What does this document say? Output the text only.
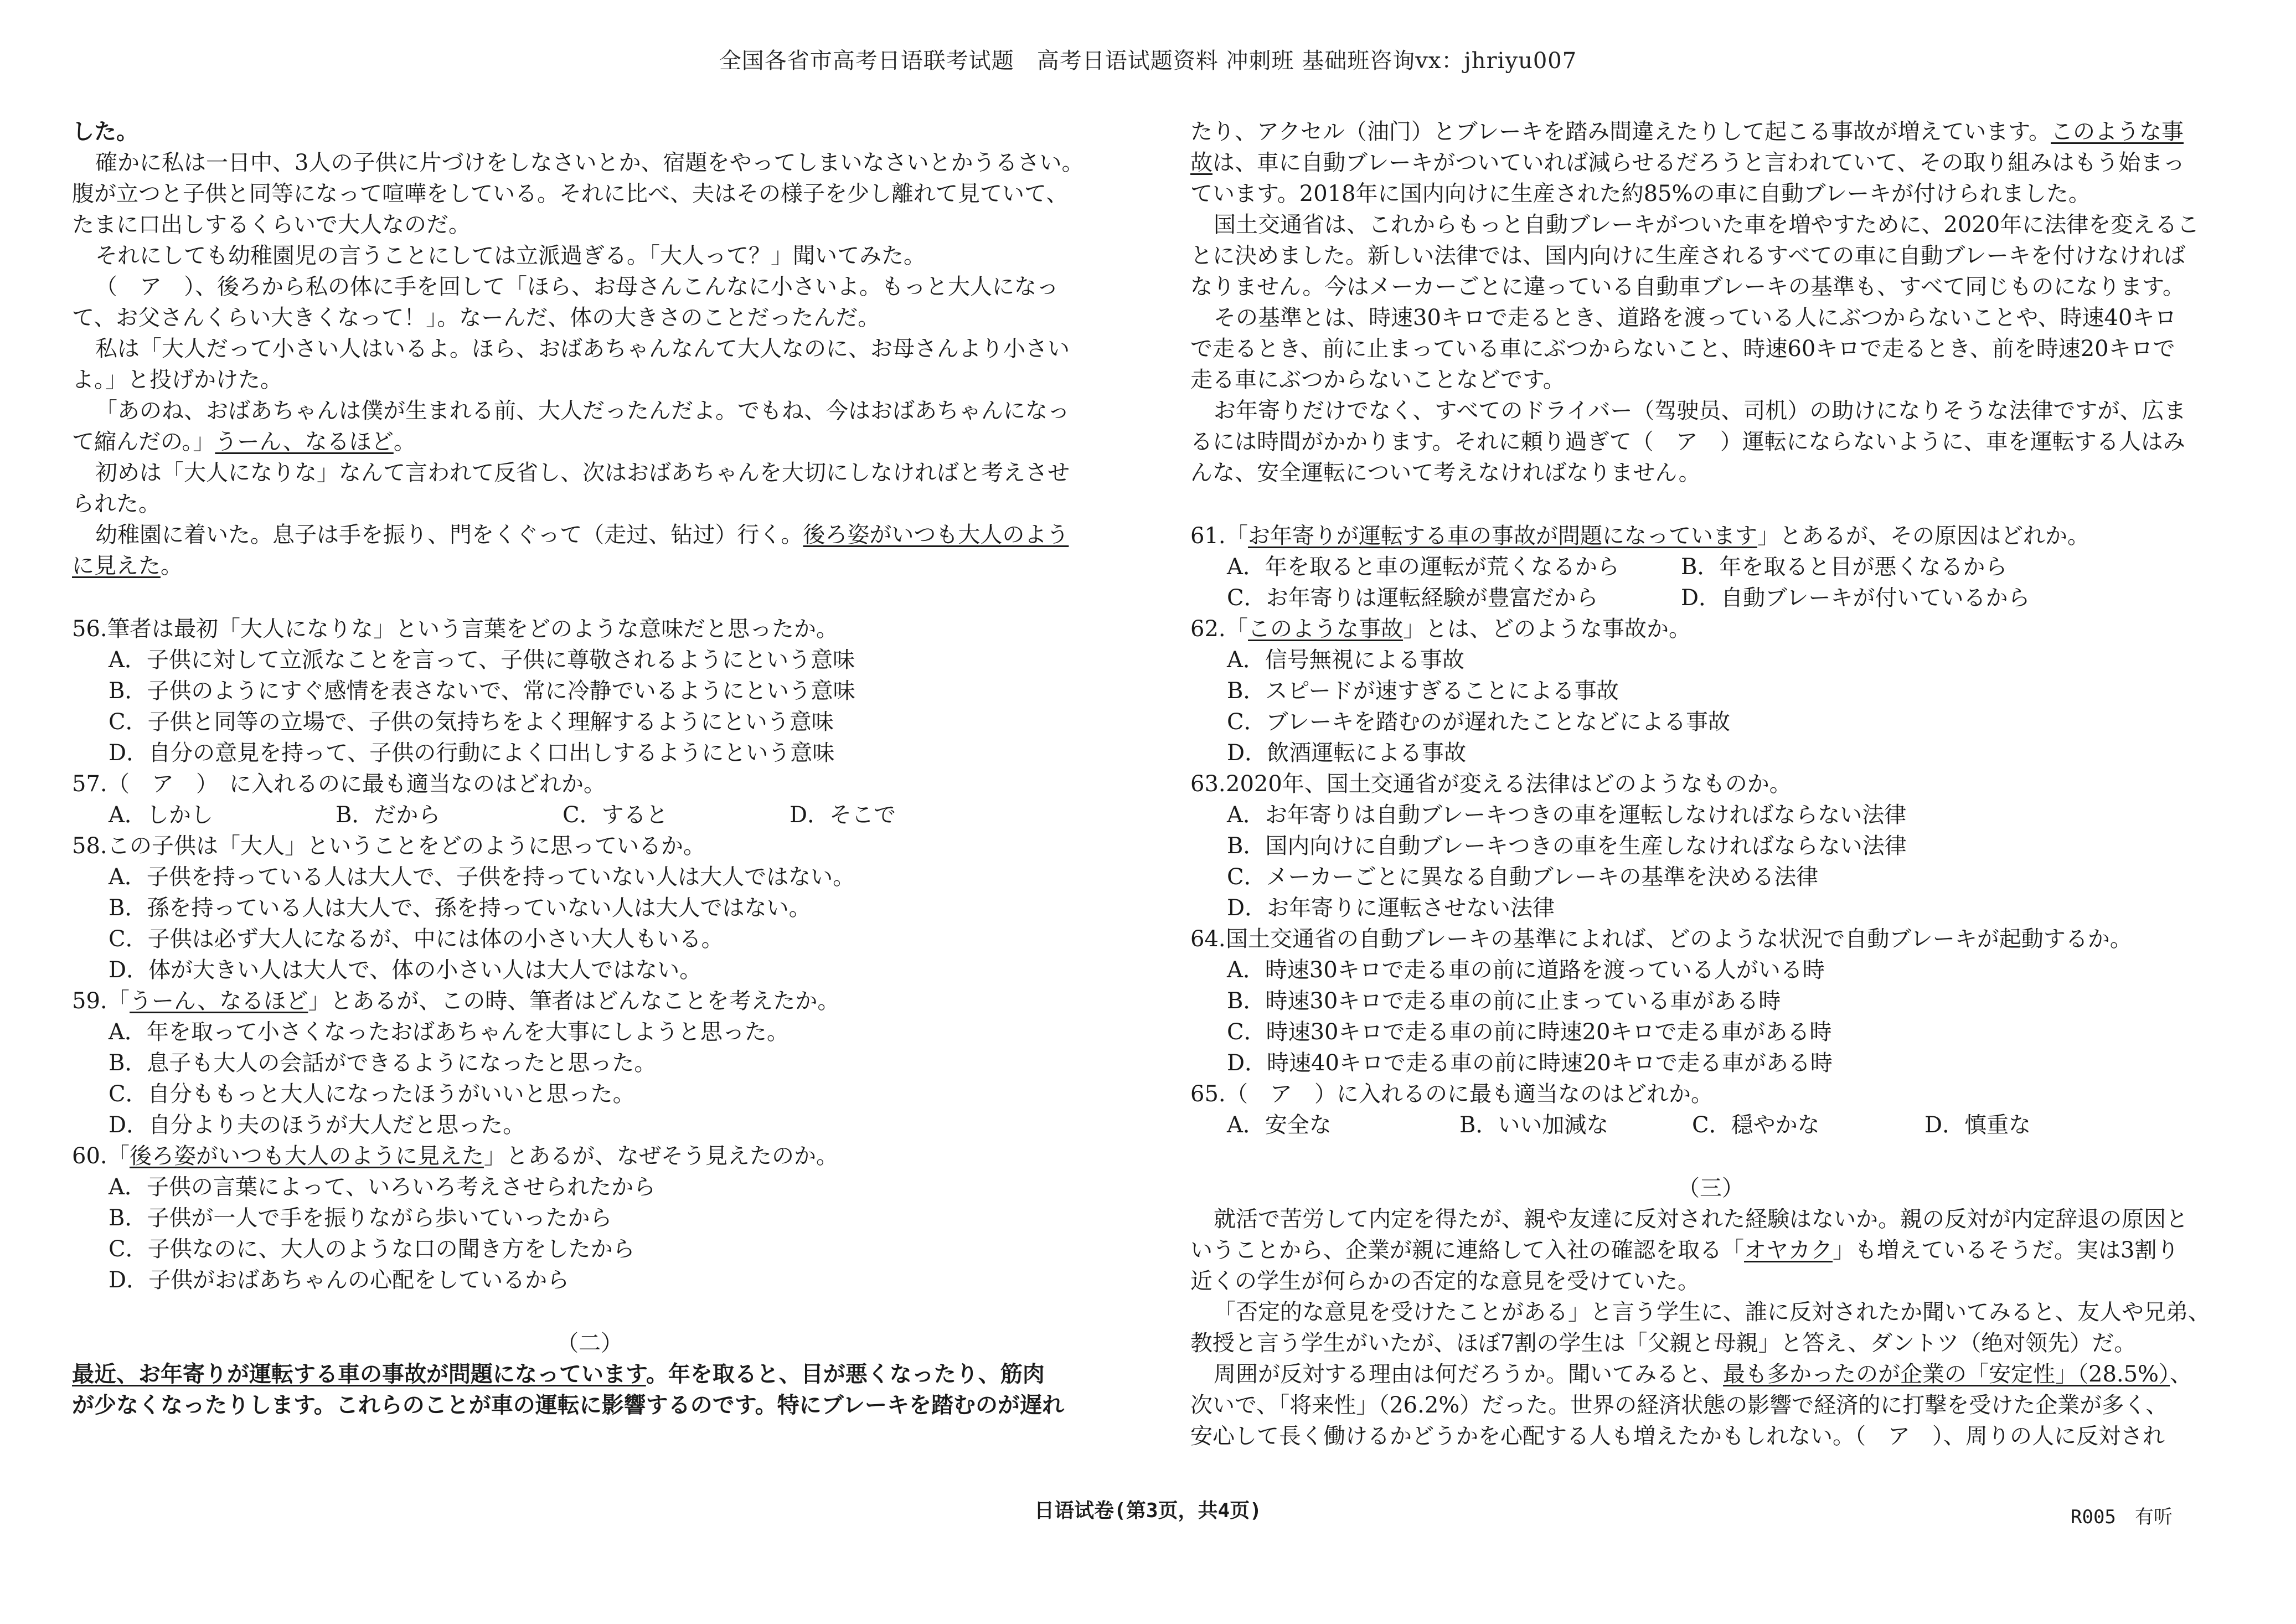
全国各省市高考日语联考试题　高考日语试题资料 冲刺班 基础班咨询vx：jhriyu007

した。

確かに私は一日中、3人の子供に片づけをしなさいとか、宿題をやってしまいなさいとかうるさい。

腹が立つと子供と同等になって喧嘩をしている。それに比べ、夫はその様子を少し離れて見ていて、

たまに口出しするくらいで大人なのだ。

それにしても幼稚園児の言うことにしては立派過ぎる。「大人って？」聞いてみた。

（　ア　）、後ろから私の体に手を回して「ほら、お母さんこんなに小さいよ。もっと大人になっ

て、お父さんくらい大きくなって！」。なーんだ、体の大きさのことだったんだ。

私は「大人だって小さい人はいるよ。ほら、おばあちゃんなんて大人なのに、お母さんより小さい

よ。」と投げかけた。

「あのね、おばあちゃんは僕が生まれる前、大人だったんだよ。でもね、今はおばあちゃんになっ

て縮んだの。」うーん、なるほど。

初めは「大人になりな」なんて言われて反省し、次はおばあちゃんを大切にしなければと考えさせ

られた。

幼稚園に着いた。息子は手を振り、門をくぐって（走过、钻过）行く。後ろ姿がいつも大人のよう

に見えた。

56.筆者は最初「大人になりな」という言葉をどのような意味だと思ったか。

A．子供に対して立派なことを言って、子供に尊敬されるようにという意味

B．子供のようにすぐ感情を表さないで、常に冷静でいるようにという意味

C．子供と同等の立場で、子供の気持ちをよく理解するようにという意味

D．自分の意見を持って、子供の行動によく口出しするようにという意味

57.（　ア　）　に入れるのに最も適当なのはどれか。

A．しかし	B．だから	C．すると	D．そこで

58.この子供は「大人」ということをどのように思っているか。

A．子供を持っている人は大人で、子供を持っていない人は大人ではない。

B．孫を持っている人は大人で、孫を持っていない人は大人ではない。

C．子供は必ず大人になるが、中には体の小さい大人もいる。

D．体が大きい人は大人で、体の小さい人は大人ではない。

59.「うーん、なるほど」とあるが、この時、筆者はどんなことを考えたか。

A．年を取って小さくなったおばあちゃんを大事にしようと思った。

B．息子も大人の会話ができるようになったと思った。

C．自分ももっと大人になったほうがいいと思った。

D．自分より夫のほうが大人だと思った。

60.「後ろ姿がいつも大人のように見えた」とあるが、なぜそう見えたのか。

A．子供の言葉によって、いろいろ考えさせられたから

B．子供が一人で手を振りながら歩いていったから

C．子供なのに、大人のような口の聞き方をしたから

D．子供がおばあちゃんの心配をしているから

（二）

最近、お年寄りが運転する車の事故が問題になっています。年を取ると、目が悪くなったり、筋肉

が少なくなったりします。これらのことが車の運転に影響するのです。特にブレーキを踏むのが遅れ

たり、アクセル（油门）とブレーキを踏み間違えたりして起こる事故が増えています。このような事

故は、車に自動ブレーキがついていれば減らせるだろうと言われていて、その取り組みはもう始まっ

ています。2018年に国内向けに生産された約85%の車に自動ブレーキが付けられました。

国土交通省は、これからもっと自動ブレーキがついた車を増やすために、2020年に法律を変えるこ

とに決めました。新しい法律では、国内向けに生産されるすべての車に自動ブレーキを付けなければ

なりません。今はメーカーごとに違っている自動車ブレーキの基準も、すべて同じものになります。

その基準とは、時速30キロで走るとき、道路を渡っている人にぶつからないことや、時速40キロ

で走るとき、前に止まっている車にぶつからないこと、時速60キロで走るとき、前を時速20キロで

走る車にぶつからないことなどです。

お年寄りだけでなく、すべてのドライバー（驾驶员、司机）の助けになりそうな法律ですが、広ま

るには時間がかかります。それに頼り過ぎて（　ア　）運転にならないように、車を運転する人はみ

んな、安全運転について考えなければなりません。

61.「お年寄りが運転する車の事故が問題になっています」とあるが、その原因はどれか。

A．年を取ると車の運転が荒くなるから	B．年を取ると目が悪くなるから
C．お年寄りは運転経験が豊富だから	D．自動ブレーキが付いているから

62.「このような事故」とは、どのような事故か。

A．信号無視による事故

B．スピードが速すぎることによる事故

C．ブレーキを踏むのが遅れたことなどによる事故

D．飲酒運転による事故

63.2020年、国土交通省が変える法律はどのようなものか。

A．お年寄りは自動ブレーキつきの車を運転しなければならない法律

B．国内向けに自動ブレーキつきの車を生産しなければならない法律

C．メーカーごとに異なる自動ブレーキの基準を決める法律

D．お年寄りに運転させない法律

64.国土交通省の自動ブレーキの基準によれば、どのような状況で自動ブレーキが起動するか。

A．時速30キロで走る車の前に道路を渡っている人がいる時

B．時速30キロで走る車の前に止まっている車がある時

C．時速30キロで走る車の前に時速20キロで走る車がある時

D．時速40キロで走る車の前に時速20キロで走る車がある時

65.（　ア　）に入れるのに最も適当なのはどれか。

A．安全な	B．いい加減な	C．穏やかな	D．慎重な

（三）

就活で苦労して内定を得たが、親や友達に反対された経験はないか。親の反対が内定辞退の原因と

いうことから、企業が親に連絡して入社の確認を取る「オヤカク」も増えているそうだ。実は3割り

近くの学生が何らかの否定的な意見を受けていた。

「否定的な意見を受けたことがある」と言う学生に、誰に反対されたか聞いてみると、友人や兄弟、

教授と言う学生がいたが、ほぼ7割の学生は「父親と母親」と答え、ダントツ（绝对领先）だ。

周囲が反対する理由は何だろうか。聞いてみると、最も多かったのが企業の「安定性」（28.5%）、

次いで、「将来性」（26.2%）だった。世界の経済状態の影響で経済的に打撃を受けた企業が多く、

安心して長く働けるかどうかを心配する人も増えたかもしれない。（　ア　）、周りの人に反対され

日语试卷(第3页，共4页)	R005　有听
